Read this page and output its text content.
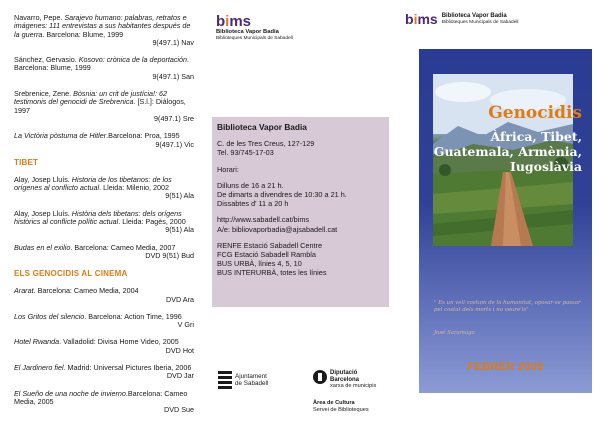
Navarro, Pepe. Sarajevo humano: palabras, retratos e imágenes: 111 entrevistas a sus habitantes después de la guerra. Barcelona: Blume, 1999
9(497.1) Nav
Sánchez, Gervasio. Kosovo: crònica de la deportación. Barcelona: Blume, 1999
9(497.1) San
Srebrenice, Zene. Bòsnia: un crit de justícia!: 62 testimonis del genocidi de Srebrenica. [S.l.]: Diàlogos, 1997
9(497.1) Sre
La Victòria pòstuma de Hitler.Barcelona: Proa, 1995
9(497.1) Vic
TIBET
Alay, Josep Lluís. Historia de los tibetanos: de los orígenes al conflicto actual. Lleida: Milenio, 2002
9(51) Ala
Alay, Josep Lluís. Història dels tibetans: dels orígens històrics al conflicte polític actual. Lleida: Pagès, 2000
9(51) Ala
Budas en el exilio. Barcelona: Cameo Media, 2007
DVD 9(51) Bud
ELS GENOCIDIS AL CINEMA
Ararat. Barcelona: Cameo Media, 2004
DVD Ara
Los Gritos del silencio. Barcelona: Action Time, 1996
V Gri
Hotel Rwanda. Valladolid: Divisa Home Video, 2005
DVD Hot
El Jardinero fiel. Madrid: Universal Pictures Iberia, 2006
DVD Jar
El Sueño de una noche de invierno.Barcelona: Cameo Media, 2005
DVD Sue
bims
Biblioteca Vapor Badia
Biblioteques Municipals de Sabadell
Biblioteca Vapor Badia
C. de les Tres Creus, 127-129
Tel. 93/745-17-03
Horari:
Dilluns de 16 a 21 h.
De dimarts a divendres de 10:30 a 21 h.
Dissabtes d' 11 a 20 h
http://www.sabadell.cat/bims
A/e: bibliovaporbadia@ajsabadell.cat
RENFE Estació Sabadell Centre
FCG Estació Sabadell Rambla
BUS URBÀ, línies 4, 5, 10
BUS INTERURBÀ, totes les línies
Ajuntament
de Sabadell
Diputació
Barcelona
xarxa de municipis
Àrea de Cultura
Servei de Biblioteques
bims Biblioteca Vapor Badia
Biblioteques Municipals de Sabadell
Genocidis
Àfrica, Tibet,
Guatemala, Armènia,
Iugoslàvia
" Es un vell costum de la humanitat, oposar-se passar pel costat dels morts i no veure'ls"
José Saramago
FEBRER 2009
